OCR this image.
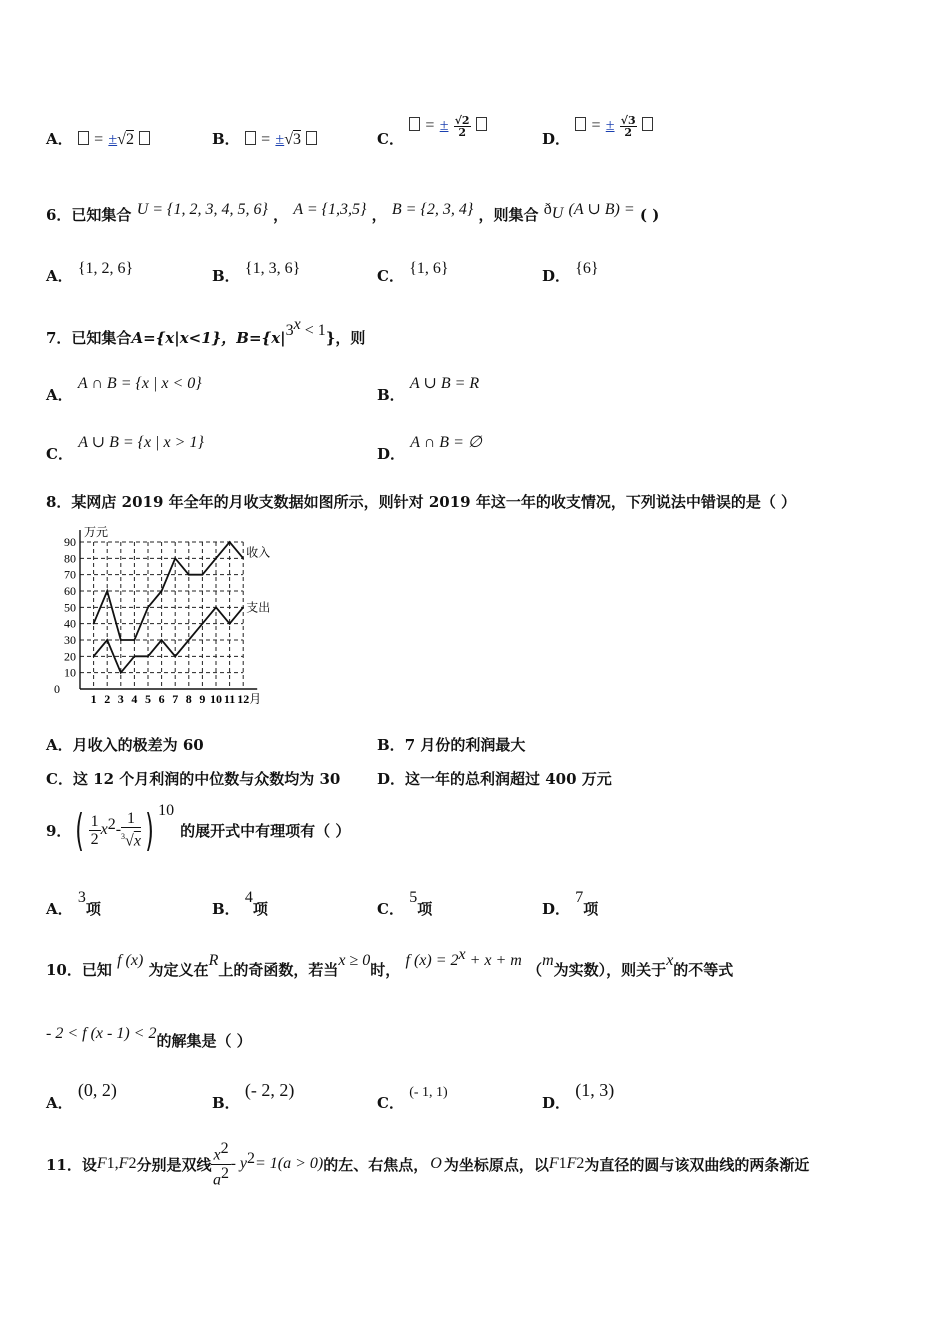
A． = ±√2	B． = ±√3	C．  = ± $\frac{√2}{2}$

D．  = ± $\frac{√3}{2}$

6．已知集合 U = {1, 2, 3, 4, 5, 6} ， A = {1,3,5} ， B = {2, 3, 4} ，则集合 $ð_U$ (A ∪ B) = ( )
A． {1, 2, 6}	B． {1, 3, 6}	C． {1, 6}	D． {6}
7．已知集合A={x|x<1}，$B=\{x|3^x < 1\}$，则
A． A ∩ B = {x | x < 0}
B． A ∪ B = R
C． A ∪ B = {x | x > 1}
D． A ∩ B = ∅
8．某网店 2019 年全年的月收支数据如图所示，则针对 2019 年这一年的收支情况，下列说法中错误的是（ ）
0
10
20
30
40
50
60
70
80
90
1 2 3 4 5 6 7 8 9 10 11 12
万元
月
收入
支出
A．月收入的极差为 60	B．7 月份的利润最大
C．这 12 个月利润的中位数与众数均为 30 D．这一年的总利润超过 400 万元
9． ( $\frac{1}{2}$ x $2 - \frac{1}{^3√x}$ ) 10
的展开式中有理项有（ ）
A． 3项	B． 4项	C． 5项	D． 7项
10．已知 f (x) 为定义在R上的奇函数，若当x ≥ 0时， f $(x) = 2^x + x + m$ （m为实数），则关于x的不等式
- 2 < f (x - 1) < 2的解集是（ ）
A． (0, 2)
B． (- 2, 2)
C． (- 1, 1)
D． (1, 3)
11．设 F 1 , F 2 分别是双线 $\frac{x^2}{a^2}$ - y 2 = 1(a > 0) 的左、右焦点， O 为坐标原点，以 F 1 F 2 为直径的圆与该双曲线的两条渐近
